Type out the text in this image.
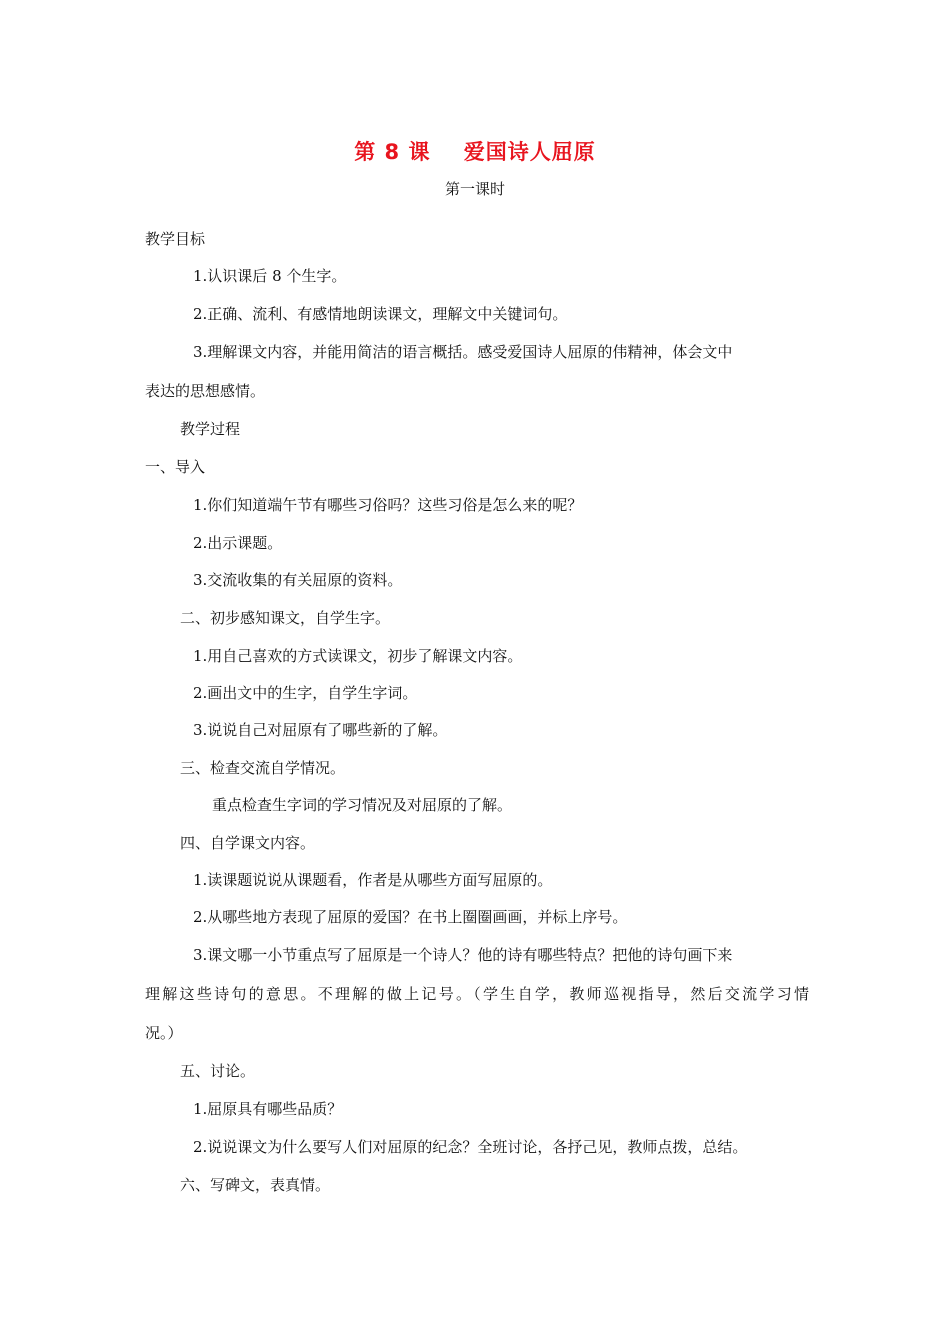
第 8 课    爱国诗人屈原
第一课时
教学目标
1.认识课后 8 个生字。
2.正确、流利、有感情地朗读课文，理解文中关键词句。
3.理解课文内容，并能用简洁的语言概括。感受爱国诗人屈原的伟精神，体会文中
表达的思想感情。
教学过程
一、导入
1.你们知道端午节有哪些习俗吗？这些习俗是怎么来的呢？
2.出示课题。
3.交流收集的有关屈原的资料。
二、初步感知课文，自学生字。
1.用自己喜欢的方式读课文，初步了解课文内容。
2.画出文中的生字，自学生字词。
3.说说自己对屈原有了哪些新的了解。
三、检查交流自学情况。
重点检查生字词的学习情况及对屈原的了解。
四、自学课文内容。
1.读课题说说从课题看，作者是从哪些方面写屈原的。
2.从哪些地方表现了屈原的爱国？在书上圈圈画画，并标上序号。
3.课文哪一小节重点写了屈原是一个诗人？他的诗有哪些特点？把他的诗句画下来
理解这些诗句的意思。不理解的做上记号。（学生自学，教师巡视指导，然后交流学习情
况。）
五、讨论。
1.屈原具有哪些品质？
2.说说课文为什么要写人们对屈原的纪念？全班讨论，各抒己见，教师点拨，总结。
六、写碑文，表真情。
